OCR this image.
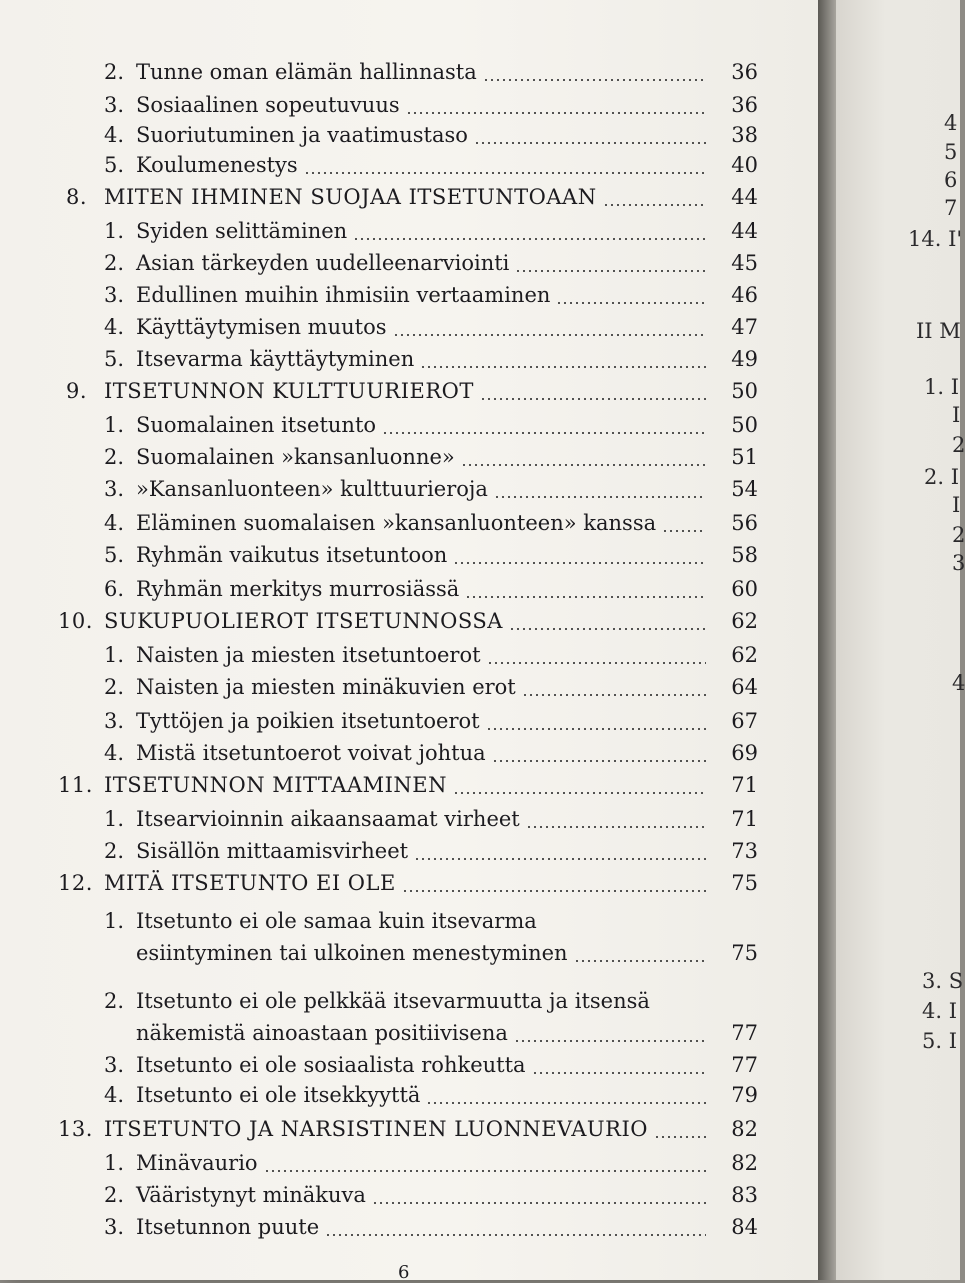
4
5
6
7
14. I'
II M
1. I
I
2
2. I
I
2
3
4
3. S
4. I
5. I
2. Tunne oman elämän hallinnasta	36
3. Sosiaalinen sopeutuvuus	36
4. Suoriutuminen ja vaatimustaso	38
5. Koulumenestys	40
8. MITEN IHMINEN SUOJAA ITSETUNTOAAN	44
1. Syiden selittäminen	44
2. Asian tärkeyden uudelleenarviointi	45
3. Edullinen muihin ihmisiin vertaaminen	46
4. Käyttäytymisen muutos	47
5. Itsevarma käyttäytyminen	49
9. ITSETUNNON KULTTUURIEROT	50
1. Suomalainen itsetunto	50
2. Suomalainen »kansanluonne»	51
3. »Kansanluonteen» kulttuurieroja	54
4. Eläminen suomalaisen »kansanluonteen» kanssa	56
5. Ryhmän vaikutus itsetuntoon	58
6. Ryhmän merkitys murrosiässä	60
10. SUKUPUOLIEROT ITSETUNNOSSA	62
1. Naisten ja miesten itsetuntoerot	62
2. Naisten ja miesten minäkuvien erot	64
3. Tyttöjen ja poikien itsetuntoerot	67
4. Mistä itsetuntoerot voivat johtua	69
11. ITSETUNNON MITTAAMINEN	71
1. Itsearvioinnin aikaansaamat virheet	71
2. Sisällön mittaamisvirheet	73
12. MITÄ ITSETUNTO EI OLE	75
1. Itsetunto ei ole samaa kuin itsevarma
esiintyminen tai ulkoinen menestyminen	75
2. Itsetunto ei ole pelkkää itsevarmuutta ja itsensä
näkemistä ainoastaan positiivisena	77
3. Itsetunto ei ole sosiaalista rohkeutta	77
4. Itsetunto ei ole itsekkyyttä	79
13. ITSETUNTO JA NARSISTINEN LUONNEVAURIO	82
1. Minävaurio	82
2. Vääristynyt minäkuva	83
3. Itsetunnon puute	84
6
